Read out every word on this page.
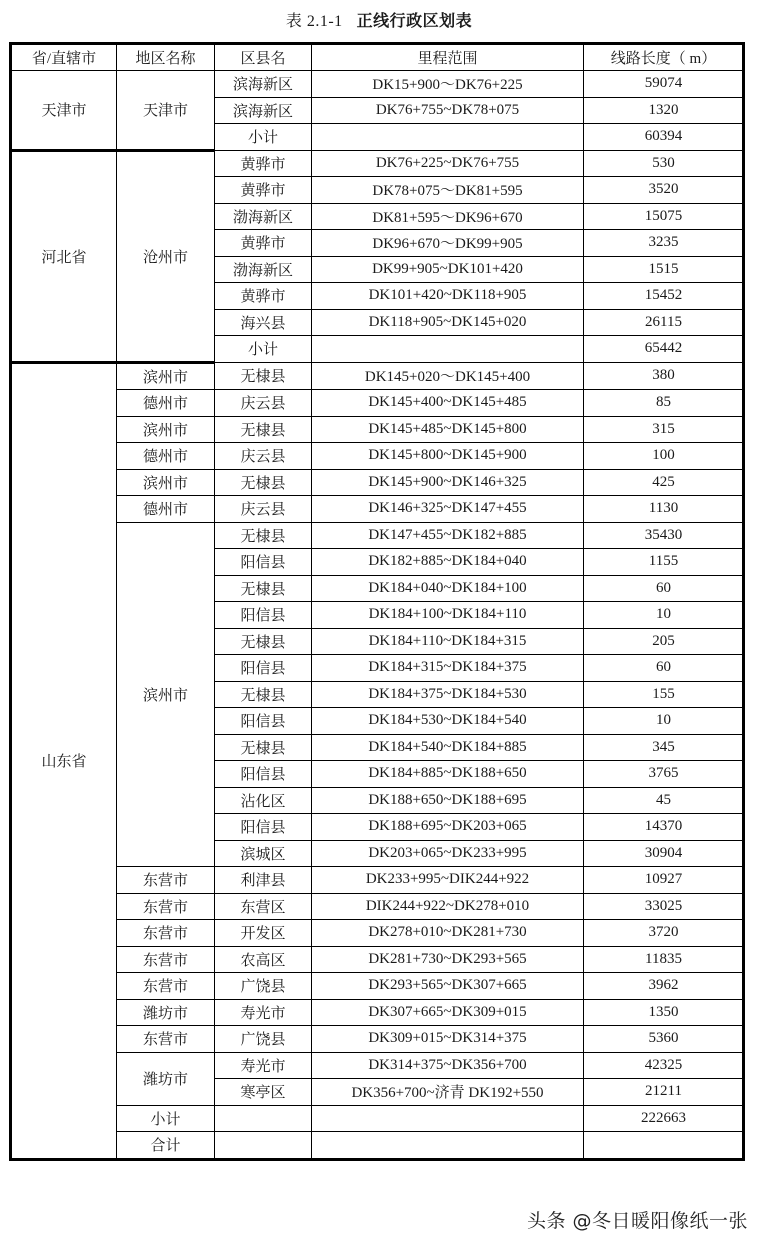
表 2.1-1 正线行政区划表
省/直辖市	地区名称	区县名	里程范围	线路长度（ m）	
天津市	天津市	滨海新区	DK15+900～DK76+225	59074	
		滨海新区	DK76+755~DK78+075	1320	
		小计		60394	
河北省	沧州市	黄骅市	DK76+225~DK76+755	530	
		黄骅市	DK78+075～DK81+595	3520	
		渤海新区	DK81+595～DK96+670	15075	
		黄骅市	DK96+670～DK99+905	3235	
		渤海新区	DK99+905~DK101+420	1515	
		黄骅市	DK101+420~DK118+905	15452	
		海兴县	DK118+905~DK145+020	26115	
		小计		65442	
山东省	滨州市	无棣县	DK145+020～DK145+400	380	
	德州市	庆云县	DK145+400~DK145+485	85	
	滨州市	无棣县	DK145+485~DK145+800	315	
	德州市	庆云县	DK145+800~DK145+900	100	
	滨州市	无棣县	DK145+900~DK146+325	425	
	德州市	庆云县	DK146+325~DK147+455	1130	
	滨州市	无棣县	DK147+455~DK182+885	35430	
		阳信县	DK182+885~DK184+040	1155	
		无棣县	DK184+040~DK184+100	60	
		阳信县	DK184+100~DK184+110	10	
		无棣县	DK184+110~DK184+315	205	
		阳信县	DK184+315~DK184+375	60	
		无棣县	DK184+375~DK184+530	155	
		阳信县	DK184+530~DK184+540	10	
		无棣县	DK184+540~DK184+885	345	
		阳信县	DK184+885~DK188+650	3765	
		沾化区	DK188+650~DK188+695	45	
		阳信县	DK188+695~DK203+065	14370	
		滨城区	DK203+065~DK233+995	30904	
	东营市	利津县	DK233+995~DIK244+922	10927	
	东营市	东营区	DIK244+922~DK278+010	33025	
	东营市	开发区	DK278+010~DK281+730	3720	
	东营市	农高区	DK281+730~DK293+565	11835	
	东营市	广饶县	DK293+565~DK307+665	3962	
	潍坊市	寿光市	DK307+665~DK309+015	1350	
	东营市	广饶县	DK309+015~DK314+375	5360	
	潍坊市	寿光市	DK314+375~DK356+700	42325	
		寒亭区	DK356+700~济青 DK192+550	21211	
	小计			222663	
	合计				
头条 @冬日暖阳像纸一张
